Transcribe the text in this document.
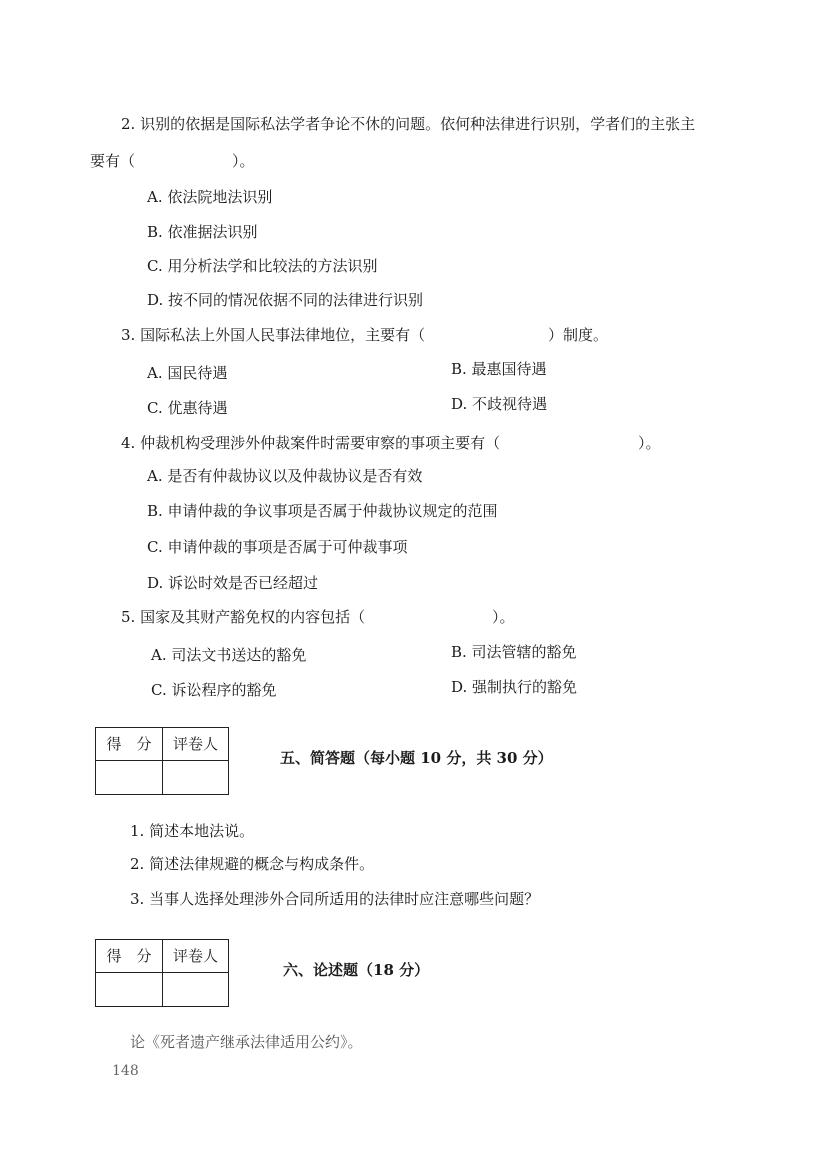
2. 识别的依据是国际私法学者争论不休的问题。依何种法律进行识别，学者们的主张主
要有（	）。
A. 依法院地法识别
B. 依准据法识别
C. 用分析法学和比较法的方法识别
D. 按不同的情况依据不同的法律进行识别
3. 国际私法上外国人民事法律地位，主要有（	）制度。
A. 国民待遇	B. 最惠国待遇
C. 优惠待遇	D. 不歧视待遇
4. 仲裁机构受理涉外仲裁案件时需要审察的事项主要有（	）。
A. 是否有仲裁协议以及仲裁协议是否有效
B. 申请仲裁的争议事项是否属于仲裁协议规定的范围
C. 申请仲裁的事项是否属于可仲裁事项
D. 诉讼时效是否已经超过
5. 国家及其财产豁免权的内容包括（	）。
A. 司法文书送达的豁免	B. 司法管辖的豁免
C. 诉讼程序的豁免	D. 强制执行的豁免
得　分	评卷人

五、简答题（每小题 10 分，共 30 分）
1. 简述本地法说。
2. 简述法律规避的概念与构成条件。
3. 当事人选择处理涉外合同所适用的法律时应注意哪些问题？
得　分	评卷人

六、论述题（18 分）
论《死者遗产继承法律适用公约》。
148
